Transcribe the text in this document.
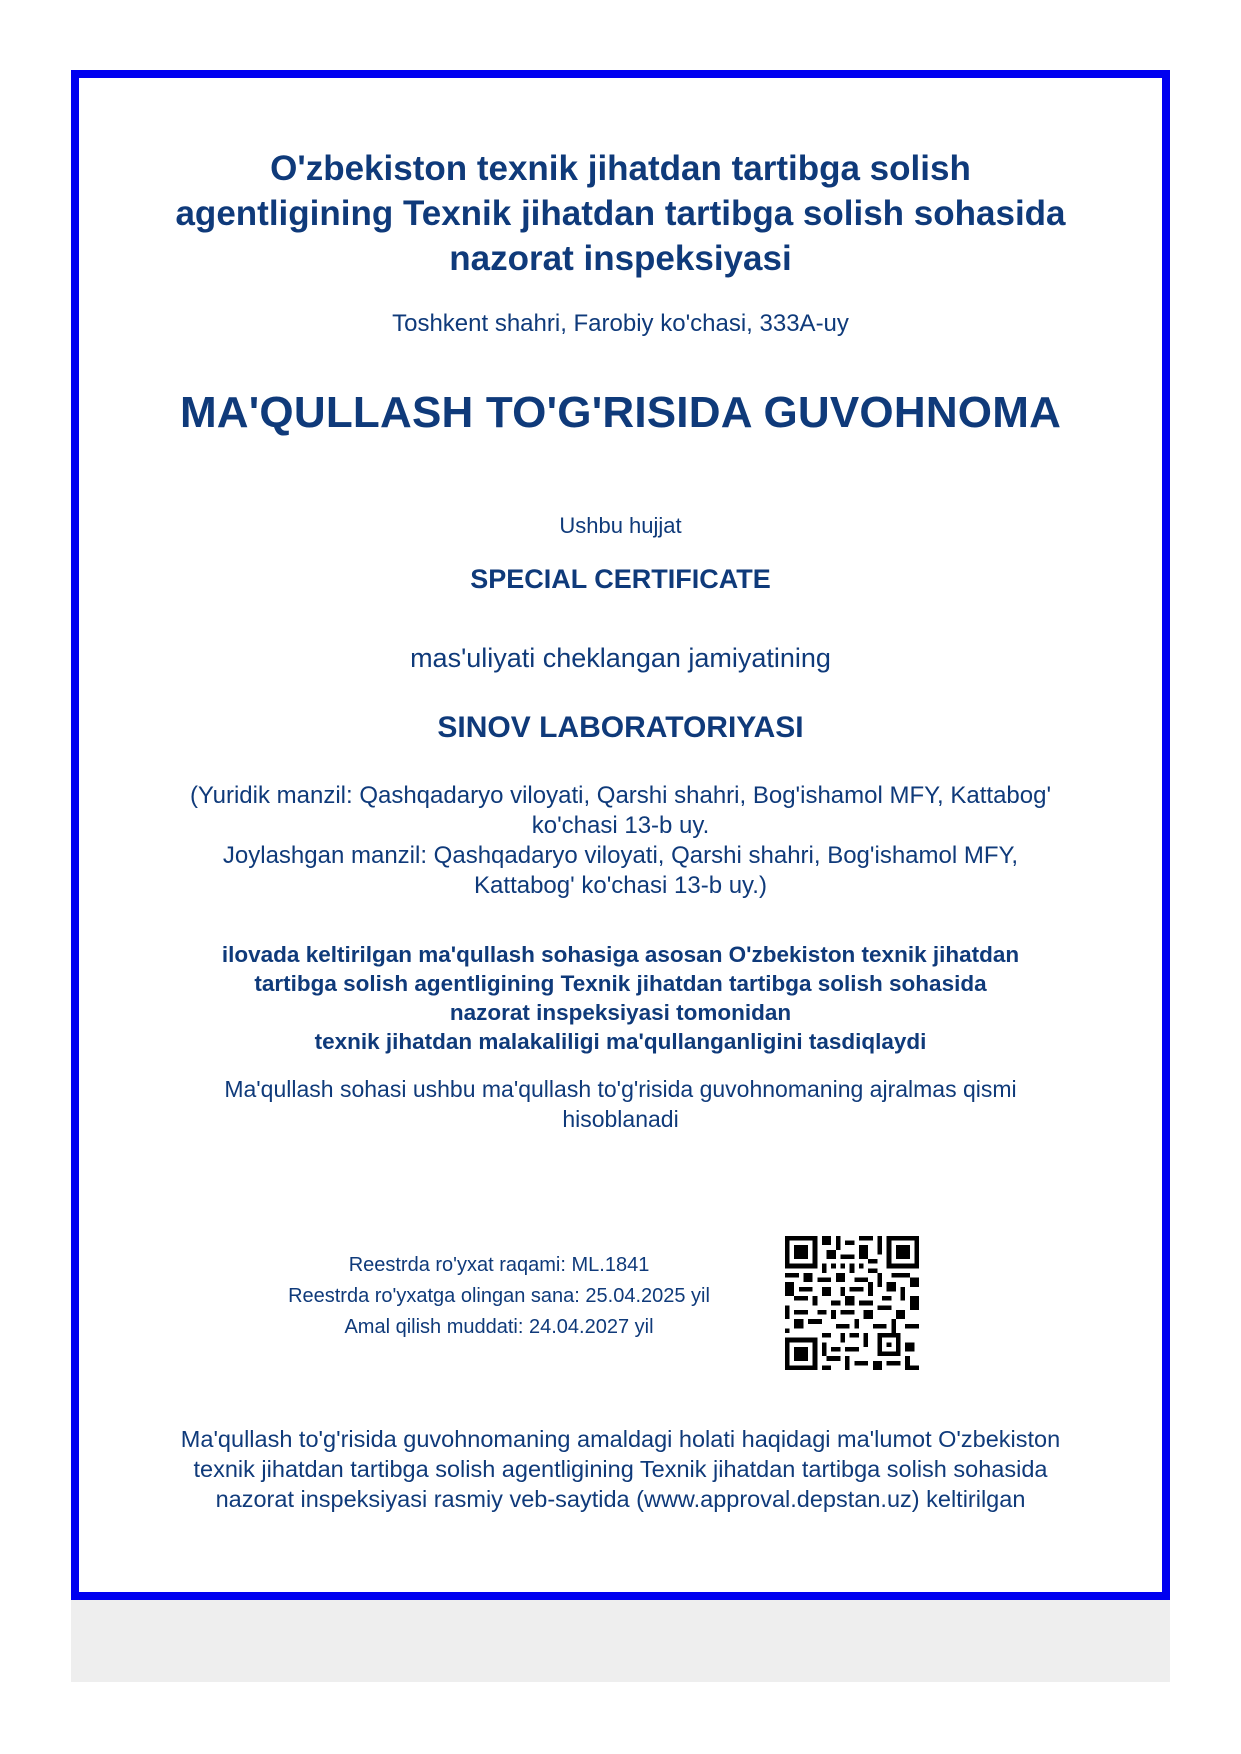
O'zbekiston texnik jihatdan tartibga solish agentligining Texnik jihatdan tartibga solish sohasida nazorat inspeksiyasi
Toshkent shahri, Farobiy ko'chasi, 333A-uy
MA'QULLASH TO'G'RISIDA GUVOHNOMA
Ushbu hujjat
SPECIAL CERTIFICATE
mas'uliyati cheklangan jamiyatining
SINOV LABORATORIYASI
(Yuridik manzil: Qashqadaryo viloyati, Qarshi shahri, Bog'ishamol MFY, Kattabog'
ko'chasi 13-b uy.
Joylashgan manzil: Qashqadaryo viloyati, Qarshi shahri, Bog'ishamol MFY,
Kattabog' ko'chasi 13-b uy.)
ilovada keltirilgan ma'qullash sohasiga asosan O'zbekiston texnik jihatdan
tartibga solish agentligining Texnik jihatdan tartibga solish sohasida
nazorat inspeksiyasi tomonidan
texnik jihatdan malakaliligi ma'qullanganligini tasdiqlaydi
Ma'qullash sohasi ushbu ma'qullash to'g'risida guvohnomaning ajralmas qismi
hisoblanadi
Reestrda ro'yxat raqami: ML.1841
Reestrda ro'yxatga olingan sana: 25.04.2025 yil
Amal qilish muddati: 24.04.2027 yil
Ma'qullash to'g'risida guvohnomaning amaldagi holati haqidagi ma'lumot O'zbekiston
texnik jihatdan tartibga solish agentligining Texnik jihatdan tartibga solish sohasida
nazorat inspeksiyasi rasmiy veb-saytida (www.approval.depstan.uz) keltirilgan
